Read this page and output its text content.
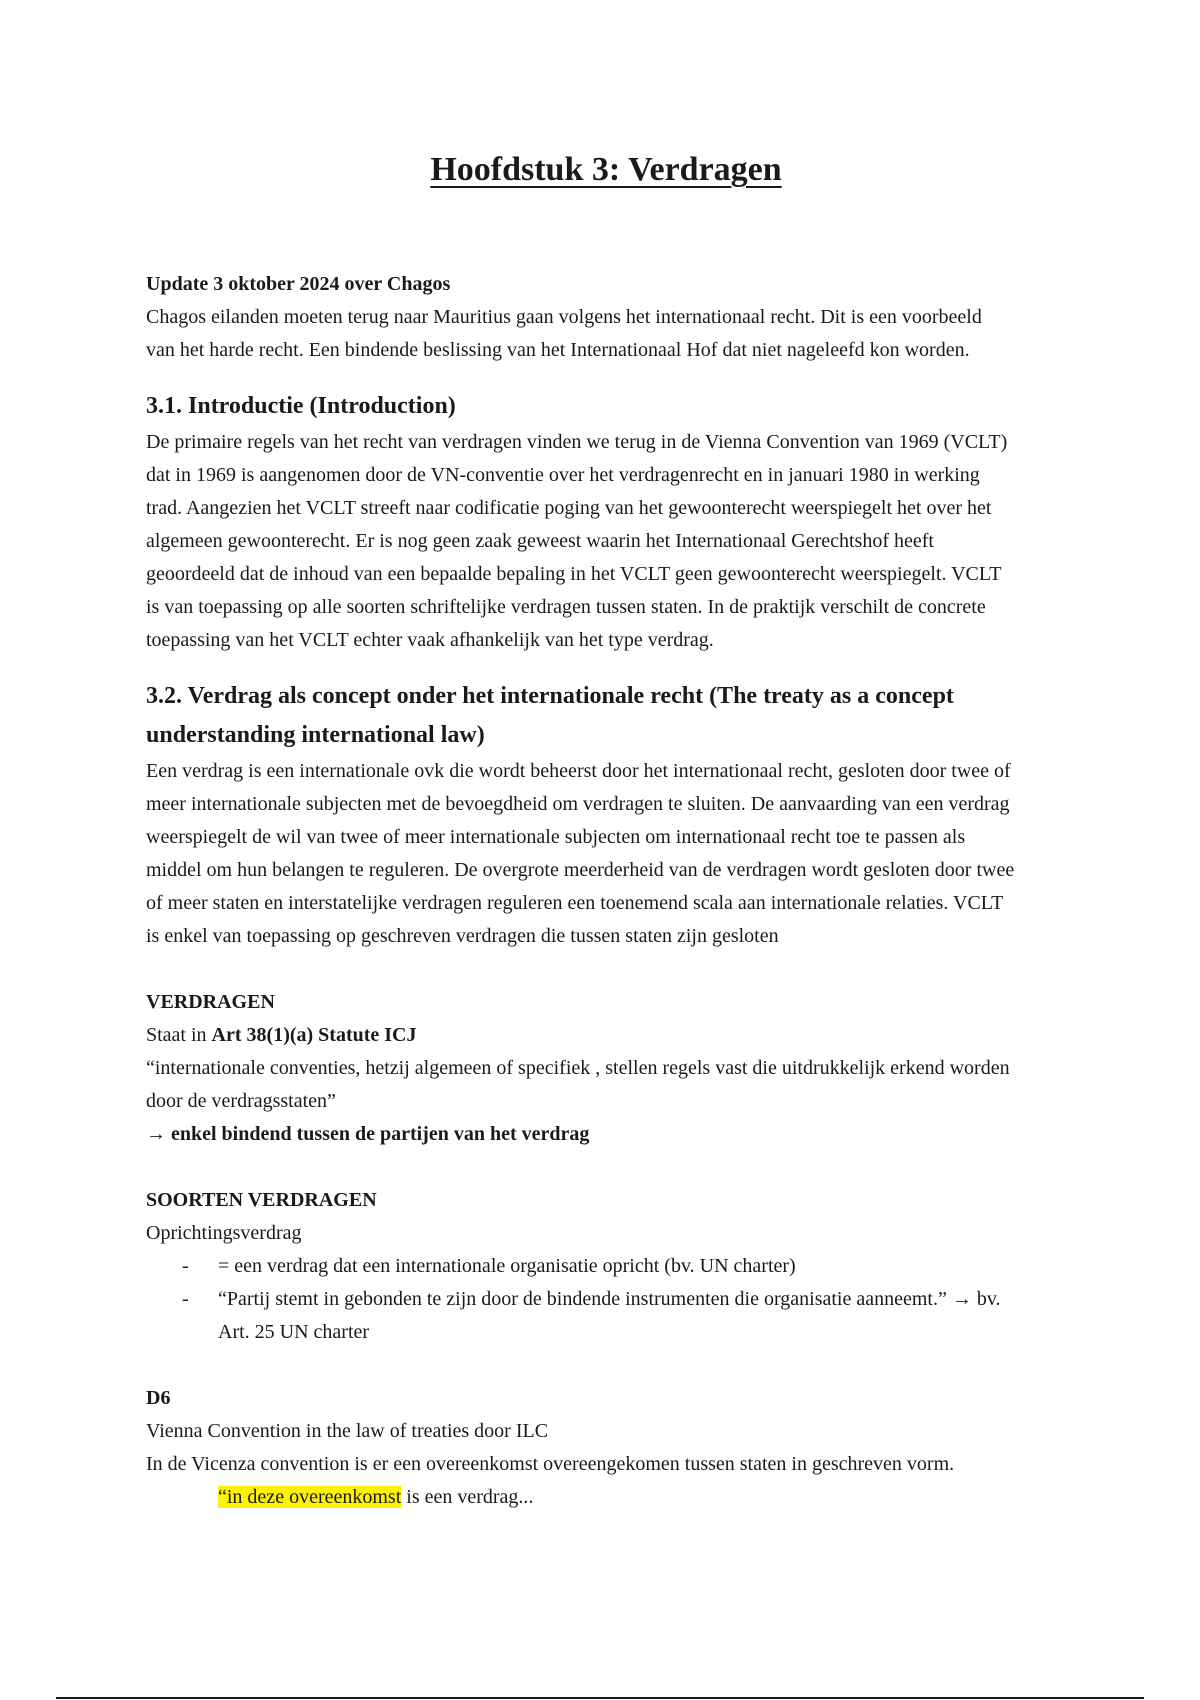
Hoofdstuk 3: Verdragen

Update 3 oktober 2024 over Chagos

Chagos eilanden moeten terug naar Mauritius gaan volgens het internationaal recht. Dit is een voorbeeld

van het harde recht. Een bindende beslissing van het Internationaal Hof dat niet nageleefd kon worden.

3.1. Introductie (Introduction)

De primaire regels van het recht van verdragen vinden we terug in de Vienna Convention van 1969 (VCLT)

dat in 1969 is aangenomen door de VN-conventie over het verdragenrecht en in januari 1980 in werking

trad. Aangezien het VCLT streeft naar codificatie poging van het gewoonterecht weerspiegelt het over het

algemeen gewoonterecht. Er is nog geen zaak geweest waarin het Internationaal Gerechtshof heeft

geoordeeld dat de inhoud van een bepaalde bepaling in het VCLT geen gewoonterecht weerspiegelt. VCLT

is van toepassing op alle soorten schriftelijke verdragen tussen staten. In de praktijk verschilt de concrete

toepassing van het VCLT echter vaak afhankelijk van het type verdrag.

3.2. Verdrag als concept onder het internationale recht (The treaty as a concept

understanding international law)

Een verdrag is een internationale ovk die wordt beheerst door het internationaal recht, gesloten door twee of

meer internationale subjecten met de bevoegdheid om verdragen te sluiten. De aanvaarding van een verdrag

weerspiegelt de wil van twee of meer internationale subjecten om internationaal recht toe te passen als

middel om hun belangen te reguleren. De overgrote meerderheid van de verdragen wordt gesloten door twee

of meer staten en interstatelijke verdragen reguleren een toenemend scala aan internationale relaties. VCLT

is enkel van toepassing op geschreven verdragen die tussen staten zijn gesloten

VERDRAGEN

Staat in Art 38(1)(a) Statute ICJ

“internationale conventies, hetzij algemeen of specifiek , stellen regels vast die uitdrukkelijk erkend worden

door de verdragsstaten”

→ enkel bindend tussen de partijen van het verdrag

SOORTEN VERDRAGEN

Oprichtingsverdrag

- = een verdrag dat een internationale organisatie opricht (bv. UN charter)
- “Partij stemt in gebonden te zijn door de bindende instrumenten die organisatie aanneemt.” → bv.
Art. 25 UN charter

D6

Vienna Convention in the law of treaties door ILC

In de Vicenza convention is er een overeenkomst overeengekomen tussen staten in geschreven vorm.

“in deze overeenkomst is een verdrag...
